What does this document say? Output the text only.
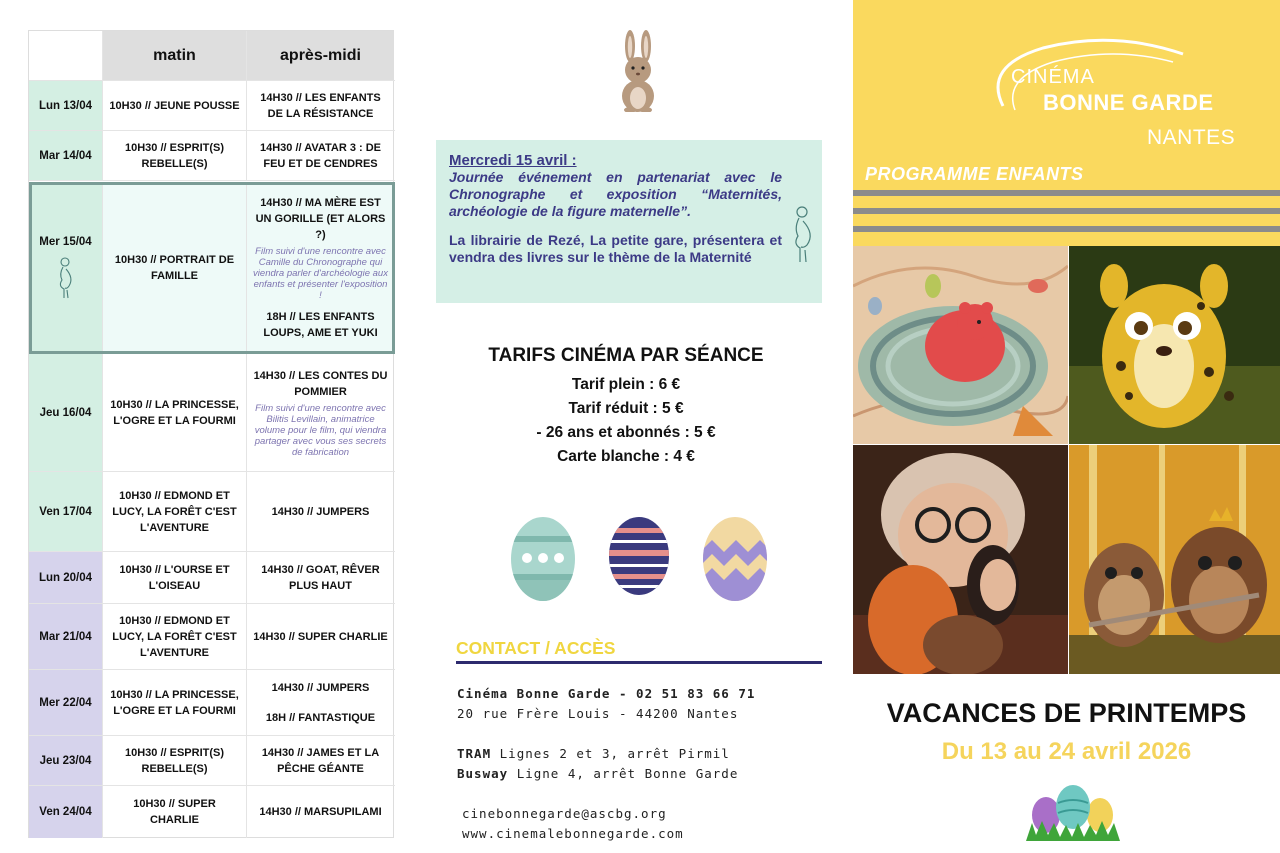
matin	après-midi
Lun 13/04	10H30 // JEUNE POUSSE
14H30 // LES ENFANTS DE LA RÉSISTANCE
Mar 14/04
10H30 // ESPRIT(S) REBELLE(S)
14H30 // AVATAR 3 : DE FEU ET DE CENDRES
Mer 15/04
10H30 // PORTRAIT DE FAMILLE
14H30 // MA MÈRE EST UN GORILLE (ET ALORS ?)
Film suivi d'une rencontre avec Camille du Chronographe qui viendra parler d'archéologie aux enfants et présenter l'exposition !
18H // LES ENFANTS LOUPS, AME ET YUKI
Jeu 16/04
10H30 // LA PRINCESSE, L'OGRE ET LA FOURMI
14H30 // LES CONTES DU POMMIER
Film suivi d'une rencontre avec Bilitis Levillain, animatrice volume pour le film, qui viendra partager avec vous ses secrets de fabrication
Ven 17/04
10H30 // EDMOND ET LUCY, LA FORÊT C'EST L'AVENTURE
14H30 // JUMPERS
Lun 20/04
10H30 // L'OURSE ET L'OISEAU
14H30 // GOAT, RÊVER PLUS HAUT
Mar 21/04
10H30 // EDMOND ET LUCY, LA FORÊT C'EST L'AVENTURE
14H30 // SUPER CHARLIE
Mer 22/04
10H30 // LA PRINCESSE, L'OGRE ET LA FOURMI
14H30 // JUMPERS
18H // FANTASTIQUE
Jeu 23/04
10H30 // ESPRIT(S) REBELLE(S)
14H30 // JAMES ET LA PÊCHE GÉANTE
Ven 24/04
10H30 // SUPER CHARLIE
14H30 // MARSUPILAMI
Mercredi 15 avril :
Journée événement en partenariat avec le Chronographe et exposition “Maternités, archéologie de la figure maternelle”.
La librairie de Rezé, La petite gare, présentera et vendra des livres sur le thème de la Maternité
TARIFS CINÉMA PAR SÉANCE
Tarif plein : 6 €
Tarif réduit : 5 €
- 26 ans et abonnés : 5 €
Carte blanche : 4 €
CONTACT / ACCÈS
Cinéma Bonne Garde - 02 51 83 66 71
20 rue Frère Louis - 44200 Nantes
TRAM Lignes 2 et 3, arrêt Pirmil
Busway Ligne 4, arrêt Bonne Garde
cinebonnegarde@ascbg.org
www.cinemalebonnegarde.com
CINÉMA
BONNE GARDE
NANTES
PROGRAMME ENFANTS
VACANCES DE PRINTEMPS
Du 13 au 24 avril 2026
